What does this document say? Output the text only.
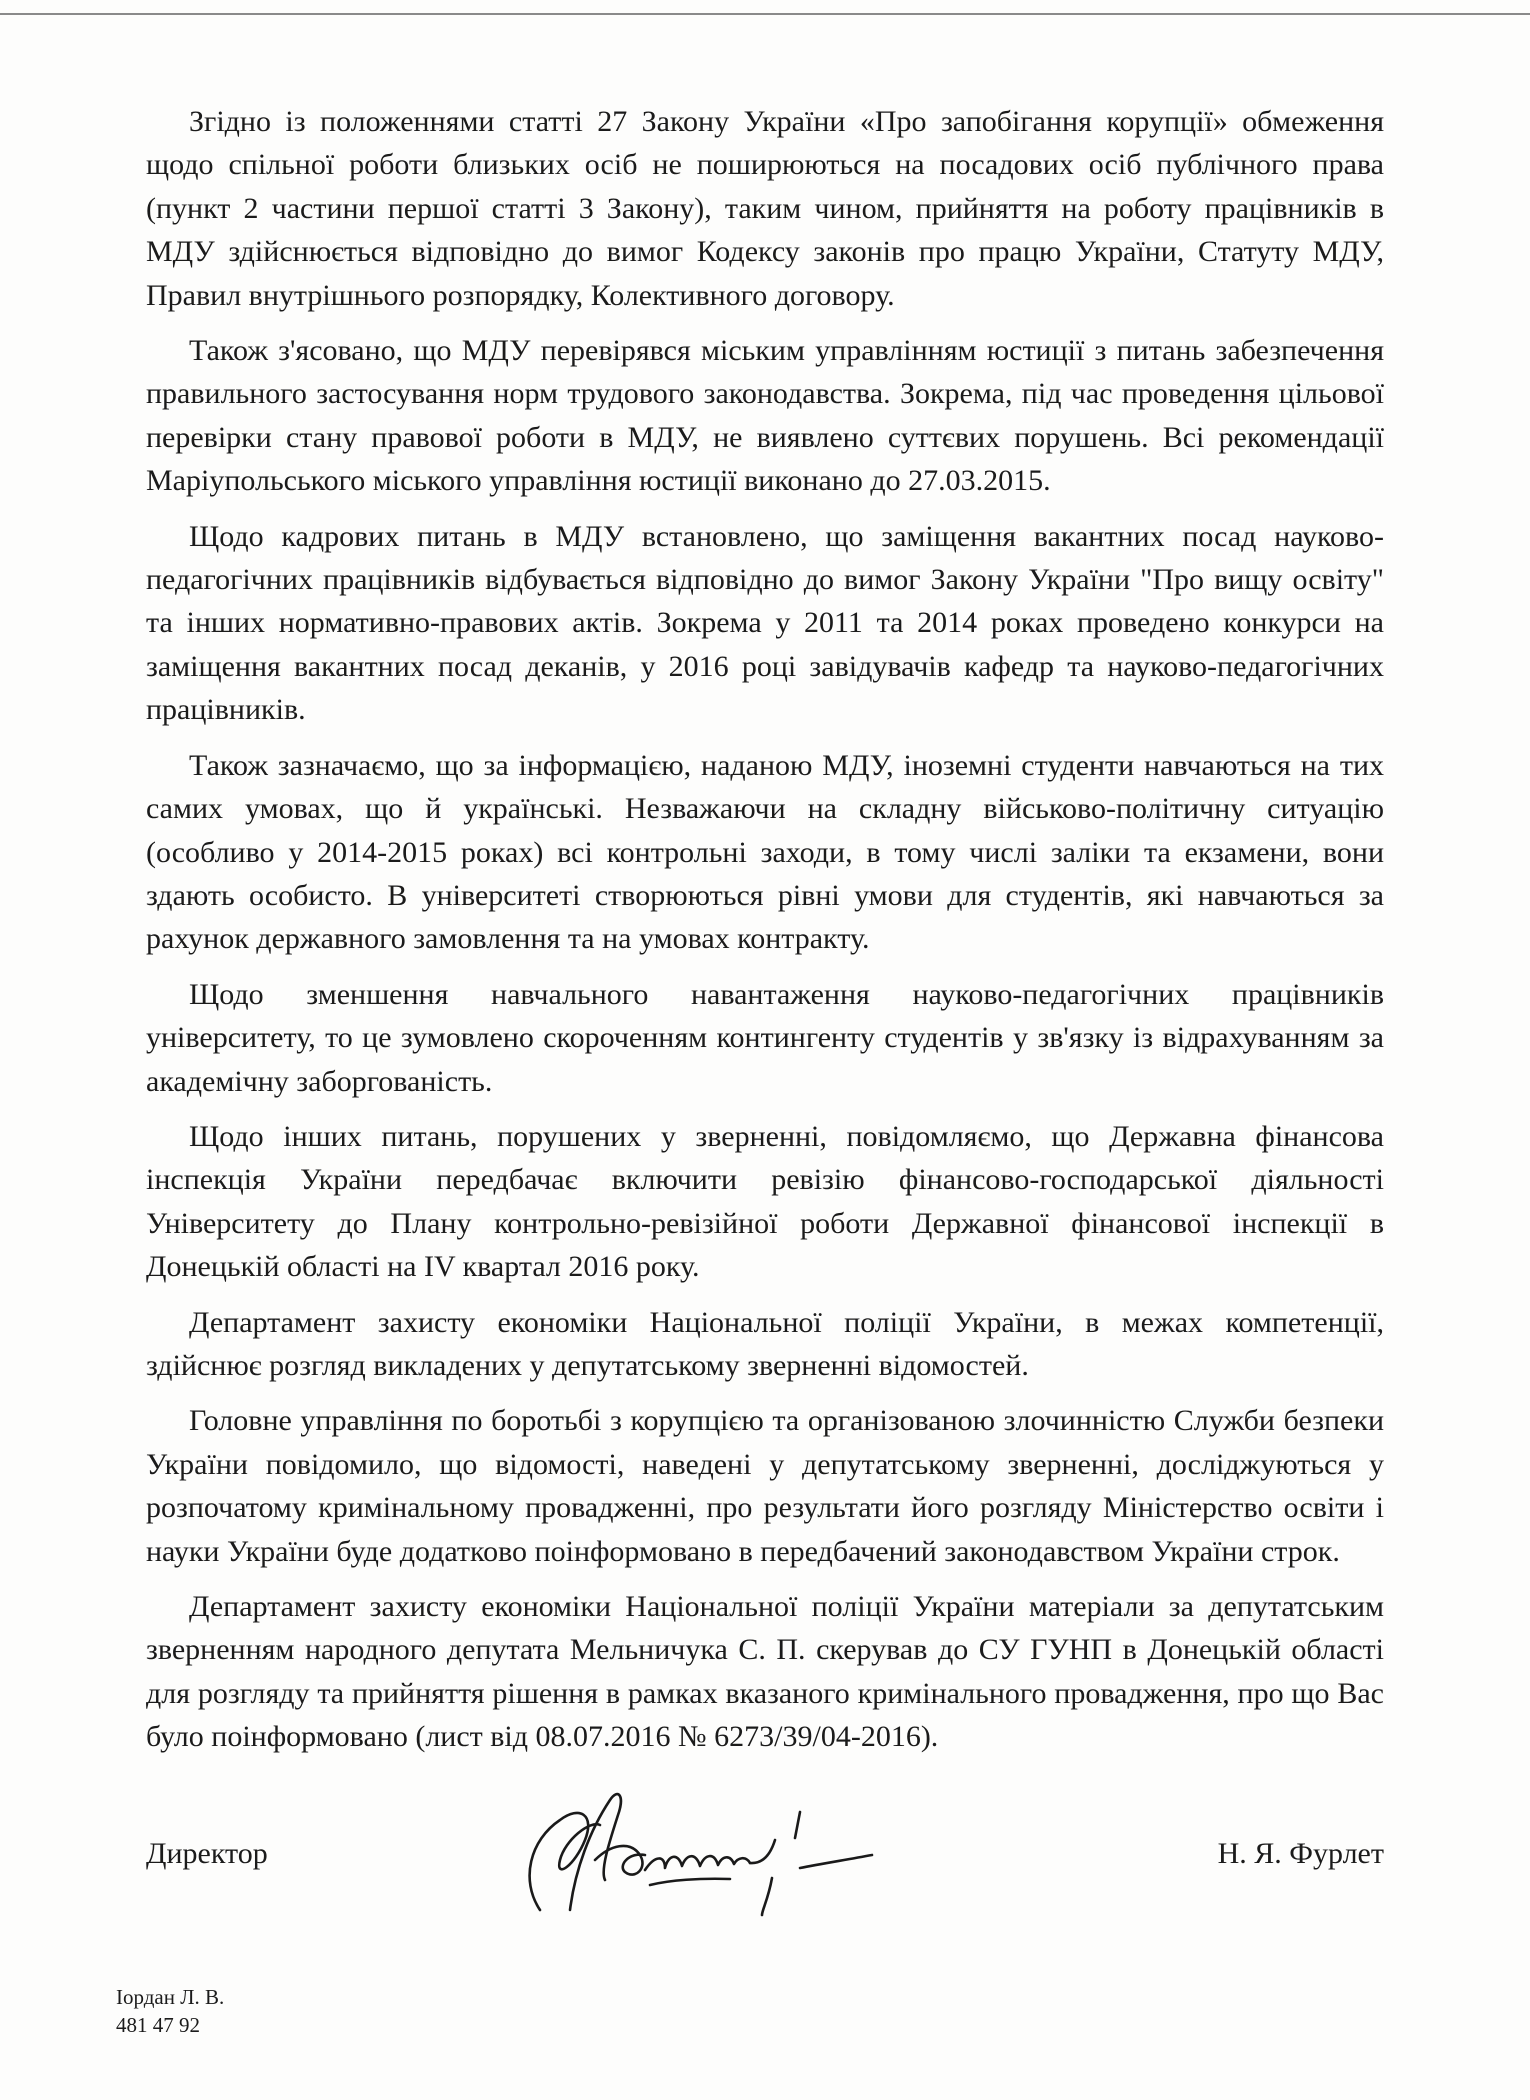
Згідно із положеннями статті 27 Закону України «Про запобігання корупції» обмеження щодо спільної роботи близьких осіб не поширюються на посадових осіб публічного права (пункт 2 частини першої статті 3 Закону), таким чином, прийняття на роботу працівників в МДУ здійснюється відповідно до вимог Кодексу законів про працю України, Статуту МДУ, Правил внутрішнього розпорядку, Колективного договору.

Також з'ясовано, що МДУ перевірявся міським управлінням юстиції з питань забезпечення правильного застосування норм трудового законодавства. Зокрема, під час проведення цільової перевірки стану правової роботи в МДУ, не виявлено суттєвих порушень. Всі рекомендації Маріупольського міського управління юстиції виконано до 27.03.2015.

Щодо кадрових питань в МДУ встановлено, що заміщення вакантних посад науково-педагогічних працівників відбувається відповідно до вимог Закону України "Про вищу освіту" та інших нормативно-правових актів. Зокрема у 2011 та 2014 роках проведено конкурси на заміщення вакантних посад деканів, у 2016 році завідувачів кафедр та науково-педагогічних працівників.

Також зазначаємо, що за інформацією, наданою МДУ, іноземні студенти навчаються на тих самих умовах, що й українські. Незважаючи на складну військово-політичну ситуацію (особливо у 2014-2015 роках) всі контрольні заходи, в тому числі заліки та екзамени, вони здають особисто. В університеті створюються рівні умови для студентів, які навчаються за рахунок державного замовлення та на умовах контракту.

Щодо зменшення навчального навантаження науково-педагогічних працівників університету, то це зумовлено скороченням контингенту студентів у зв'язку із відрахуванням за академічну заборгованість.

Щодо інших питань, порушених у зверненні, повідомляємо, що Державна фінансова інспекція України передбачає включити ревізію фінансово-господарської діяльності Університету до Плану контрольно-ревізійної роботи Державної фінансової інспекції в Донецькій області на IV квартал 2016 року.

Департамент захисту економіки Національної поліції України, в межах компетенції, здійснює розгляд викладених у депутатському зверненні відомостей.

Головне управління по боротьбі з корупцією та організованою злочинністю Служби безпеки України повідомило, що відомості, наведені у депутатському зверненні, досліджуються у розпочатому кримінальному провадженні, про результати його розгляду Міністерство освіти і науки України буде додатково поінформовано в передбачений законодавством України строк.

Департамент захисту економіки Національної поліції України матеріали за депутатським зверненням народного депутата Мельничука С. П. скерував до СУ ГУНП в Донецькій області для розгляду та прийняття рішення в рамках вказаного кримінального провадження, про що Вас було поінформовано (лист від 08.07.2016 № 6273/39/04-2016).

Директор	Н. Я. Фурлет
Іордан Л. В.
481 47 92
